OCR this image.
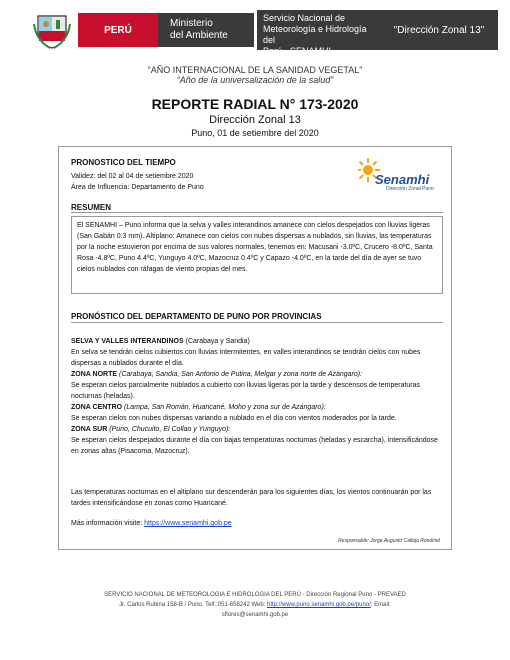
PERÚ
Ministerio
del Ambiente
Servicio Nacional de
Meteorología e Hidrología del
Perú - SENAMHI
"Dirección Zonal 13"
“AÑO INTERNACIONAL DE LA SANIDAD VEGETAL”
“Año de la universalización de la salud”
REPORTE RADIAL N° 173-2020
Dirección Zonal 13
Puno, 01 de setiembre del 2020
PRONOSTICO DEL TIEMPO
Validez: del 02 al 04 de setiembre 2020
Área de Influencia: Departamento de Puno
Senamhi
Dirección Zonal Puno
RESUMEN
El SENAMHI – Puno informa que la selva y valles interandinos amanece con cielos despejados con lluvias ligeras (San Gabán 0.3 mm). Altiplano: Amanece con cielos con nubes dispersas a nublados, sin lluvias, las temperaturas por la noche estuvieron por encima de sus valores normales, tenemos en: Macusani -3.0ºC, Crucero -8.0ºC, Santa Rosa -4.8ºC, Puno 4.4ºC, Yunguyo 4.0ºC, Mazocruz 0.4ºC y Capazo -4.0ºC, en la tarde del día de ayer se tuvo cielos nublados con ráfagas de viento propias del mes.
PRONÓSTICO DEL DEPARTAMENTO DE PUNO POR PROVINCIAS
SELVA Y VALLES INTERANDINOS (Carabaya y Sandia)
En selva se tendrán cielos cubiertos con lluvias intermitentes, en valles interandinos se tendrán cielos con nubes dispersas a nublados durante el día.
ZONA NORTE (Carabaya, Sandia, San Antonio de Putina, Melgar y zona norte de Azángaro):
Se esperan cielos parcialmente nublados a cubierto con lluvias ligeras por la tarde y descensos de temperaturas nocturnas (heladas).
ZONA CENTRO (Lampa, San Román, Huancané, Moho y zona sur de Azángaro):
Se esperan cielos con nubes dispersas variando a nublado en el día con vientos moderados por la tarde.
ZONA SUR (Puno, Chucuito, El Collao y Yunguyo):
Se esperan cielos despejados durante el día con bajas temperaturas nocturnas (heladas y escarcha), intensificándose en zonas altas (Pisacoma, Mazocruz).
Las temperaturas nocturnas en el altiplano sur descenderán para los siguientes días, los vientos continuarán por las tardes intensificándose en zonas como Huancané.
Más información visite: https://www.senamhi.gob.pe
Responsable: Jorge Augusto Calloja Rondinel
SERVICIO NACIONAL DE METEOROLOGIA E HIDROLOGIA DEL PERÚ - Dirección Regional Puno - PREVAED
Jr. Carlos Rubina 158-B / Puno, Telf.:051-658242 Web: http://www.puno.senamhi.gob.pe/puno/; Email:
sflores@senamhi.gob.pe
